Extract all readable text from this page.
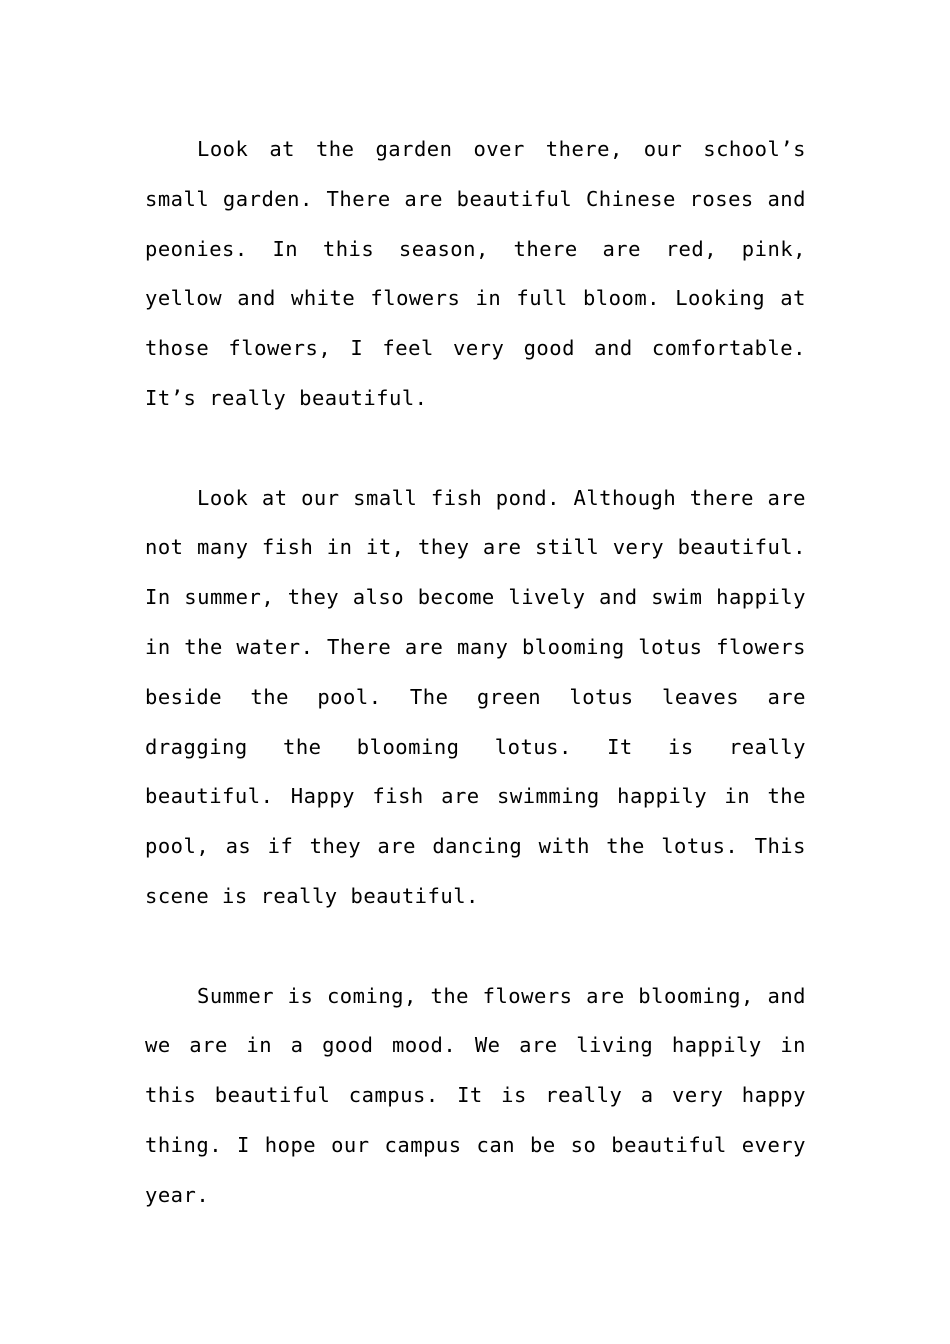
Look at the garden over there, our school’s small garden. There are beautiful Chinese roses and peonies. In this season, there are red, pink, yellow and white flowers in full bloom. Looking at those flowers, I feel very good and comfortable. It’s really beautiful.

Look at our small fish pond. Although there are not many fish in it, they are still very beautiful. In summer, they also become lively and swim happily in the water. There are many blooming lotus flowers beside the pool. The green lotus leaves are dragging the blooming lotus. It is really beautiful. Happy fish are swimming happily in the pool, as if they are dancing with the lotus. This scene is really beautiful.

Summer is coming, the flowers are blooming, and we are in a good mood. We are living happily in this beautiful campus. It is really a very happy thing. I hope our campus can be so beautiful every year.
